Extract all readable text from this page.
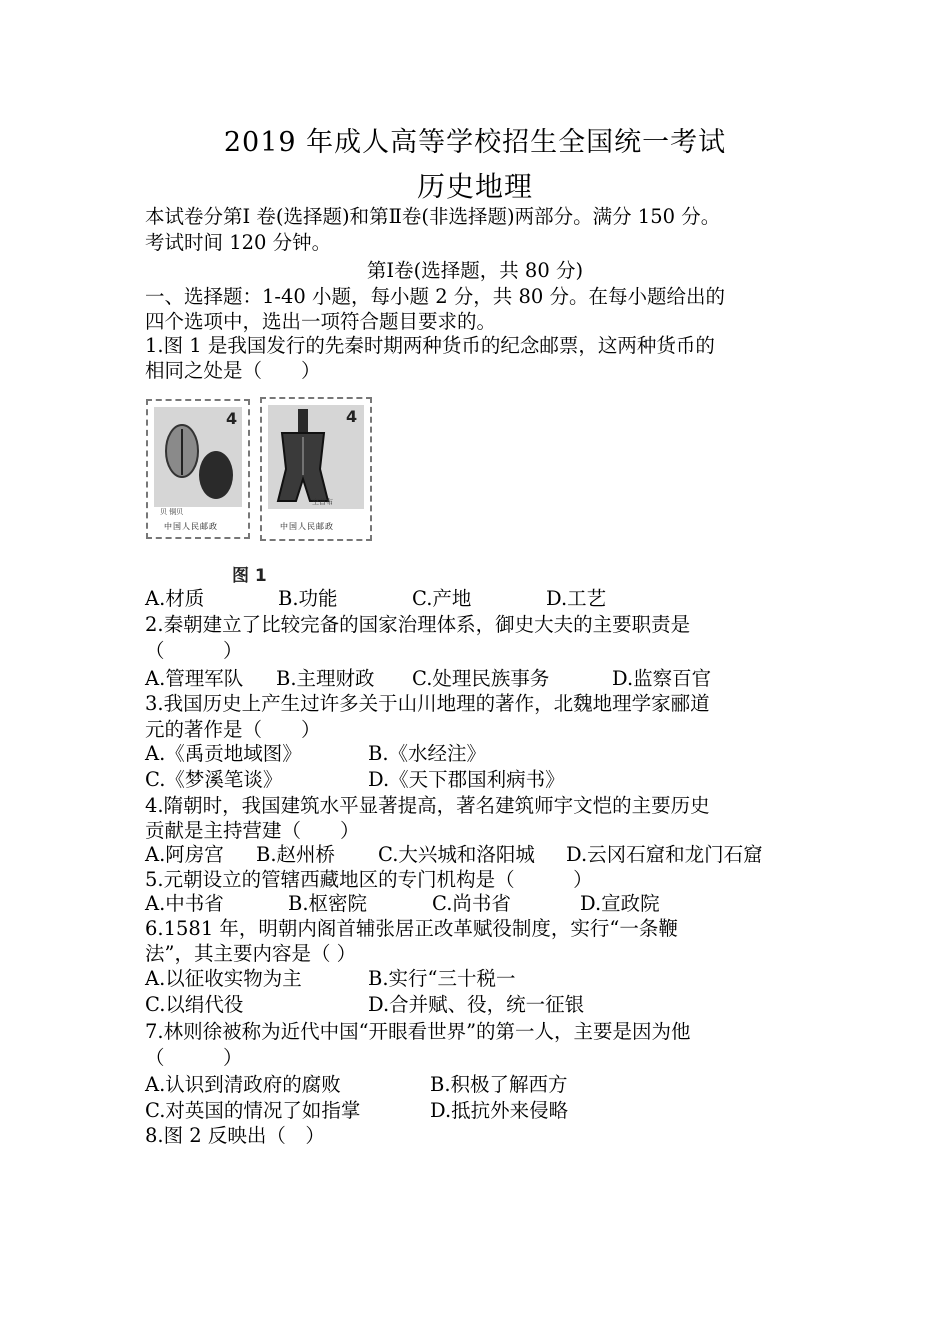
2019 年成人高等学校招生全国统一考试
历史地理
本试卷分第Ⅰ 卷(选择题)和第Ⅱ卷(非选择题)两部分。满分 150 分。
考试时间 120 分钟。
第Ⅰ卷(选择题，共 80 分)
一、选择题：1-40 小题，每小题 2 分，共 80 分。在每小题给出的
四个选项中，选出一项符合题目要求的。
1.图 1 是我国发行的先秦时期两种货币的纪念邮票，这两种货币的
相同之处是（　　）
4
贝 铜贝
中国人民邮政
4
空首布
中国人民邮政
图 1
A.材质	B.功能	C.产地	D.工艺
2.秦朝建立了比较完备的国家治理体系，御史大夫的主要职责是
（　　　）
A.管理军队 B.主理财政 C.处理民族事务	D.监察百官
3.我国历史上产生过许多关于山川地理的著作，北魏地理学家郦道
元的著作是（　　）
A.《禹贡地域图》	B.《水经注》
C.《梦溪笔谈》	D.《天下郡国利病书》
4.隋朝时，我国建筑水平显著提高，著名建筑师宇文恺的主要历史
贡献是主持营建（　　）
A.阿房宫 B.赵州桥 C.大兴城和洛阳城 D.云冈石窟和龙门石窟
5.元朝设立的管辖西藏地区的专门机构是（　　　）
A.中书省	B.枢密院	C.尚书省	D.宣政院
6.1581 年，明朝内阁首辅张居正改革赋役制度，实行“一条鞭
法”，其主要内容是（ ）
A.以征收实物为主	B.实行“三十税一
C.以绢代役	D.合并赋、役，统一征银
7.林则徐被称为近代中国“开眼看世界”的第一人，主要是因为他
（　　　）
A.认识到清政府的腐败	B.积极了解西方
C.对英国的情况了如指掌	D.抵抗外来侵略
8.图 2 反映出（　）
